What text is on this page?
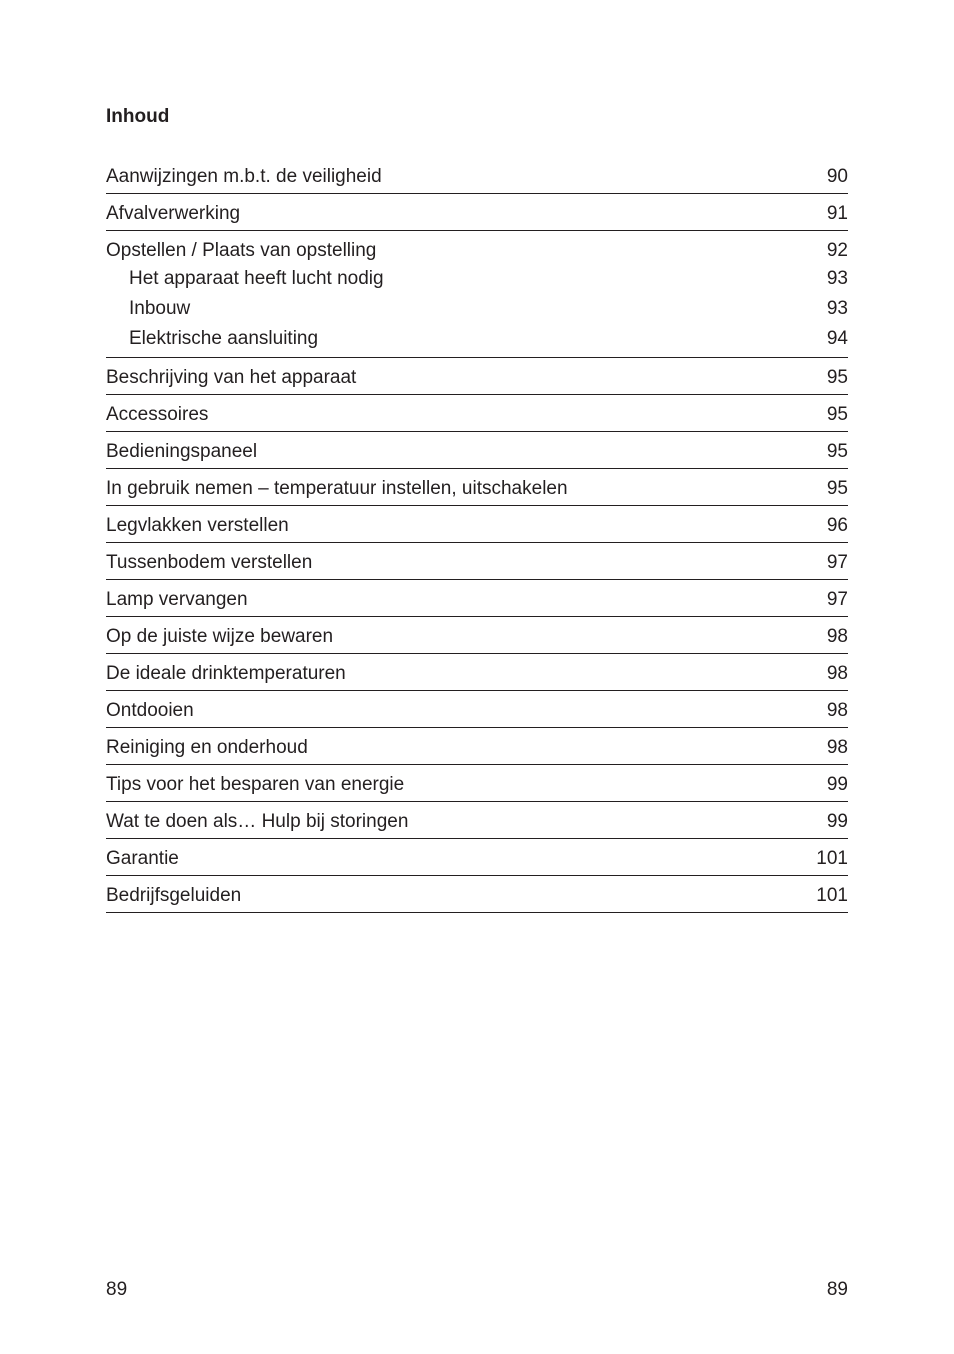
Inhoud
Aanwijzingen m.b.t. de veiligheid	90
Afvalverwerking	91
Opstellen / Plaats van opstelling	92
Het apparaat heeft lucht nodig	93
Inbouw	93
Elektrische aansluiting	94
Beschrijving van het apparaat	95
Accessoires	95
Bedieningspaneel	95
In gebruik nemen – temperatuur instellen, uitschakelen	95
Legvlakken verstellen	96
Tussenbodem verstellen	97
Lamp vervangen	97
Op de juiste wijze bewaren	98
De ideale drinktemperaturen	98
Ontdooien	98
Reiniging en onderhoud	98
Tips voor het besparen van energie	99
Wat te doen als… Hulp bij storingen	99
Garantie	101
Bedrijfsgeluiden	101
89	89
